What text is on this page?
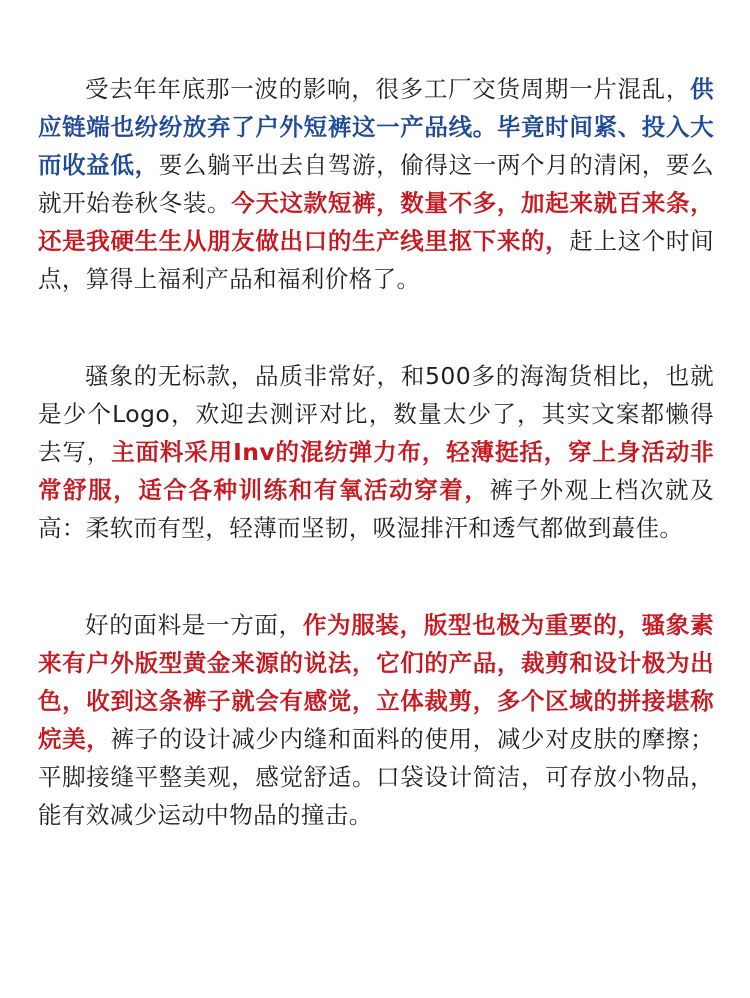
受去年年底那一波的影响，很多工厂交货周期一片混乱，供应链端也纷纷放弃了户外短裤这一产品线。毕竟时间紧、投入大而收益低，要么躺平出去自驾游，偷得这一两个月的清闲，要么就开始卷秋冬装。今天这款短裤，数量不多，加起来就百来条，还是我硬生生从朋友做出口的生产线里抠下来的，赶上这个时间点，算得上福利产品和福利价格了。

骚象的无标款，品质非常好，和500多的海淘货相比，也就是少个Logo，欢迎去测评对比，数量太少了，其实文案都懒得去写，主面料采用Inv的混纺弹力布，轻薄挺括，穿上身活动非常舒服，适合各种训练和有氧活动穿着，裤子外观上档次就及高：柔软而有型，轻薄而坚韧，吸湿排汗和透气都做到蕞佳。

好的面料是一方面，作为服装，版型也极为重要的，骚象素来有户外版型黄金来源的说法，它们的产品，裁剪和设计极为出色，收到这条裤子就会有感觉，立体裁剪，多个区域的拼接堪称烷美，裤子的设计减少内缝和面料的使用，减少对皮肤的摩擦；平脚接缝平整美观，感觉舒适。口袋设计简洁，可存放小物品，能有效减少运动中物品的撞击。
